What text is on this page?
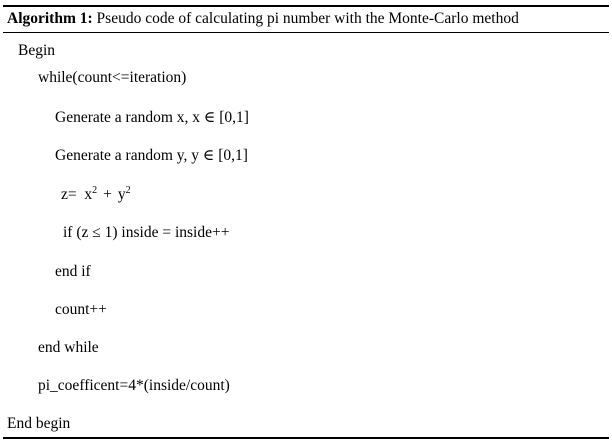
Algorithm 1: Pseudo code of calculating pi number with the Monte-Carlo method
Begin
while(count<=iteration)
Generate a random x, x ∈ [0,1]
Generate a random y, y ∈ [0,1]
$z= x^2 + y^2$
if (z ≤ 1) inside = inside++
end if
count++
end while
pi_coefficent=4*(inside/count)
End begin
